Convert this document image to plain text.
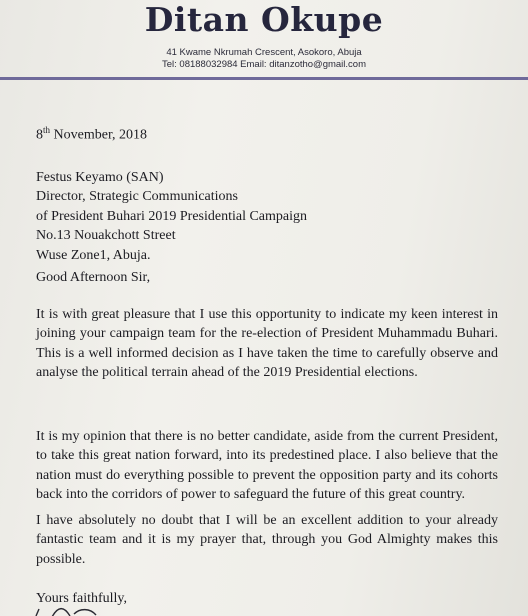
Ditan Okupe
41 Kwame Nkrumah Crescent, Asokoro, Abuja
Tel: 08188032984 Email: ditanzotho@gmail.com
8th November, 2018
Festus Keyamo (SAN)
Director, Strategic Communications
of President Buhari 2019 Presidential Campaign
No.13 Nouakchott Street
Wuse Zone1, Abuja.
Good Afternoon Sir,
It is with great pleasure that I use this opportunity to indicate my keen interest in joining your campaign team for the re-election of President Muhammadu Buhari. This is a well informed decision as I have taken the time to carefully observe and analyse the political terrain ahead of the 2019 Presidential elections.
It is my opinion that there is no better candidate, aside from the current President, to take this great nation forward, into its predestined place. I also believe that the nation must do everything possible to prevent the opposition party and its cohorts back into the corridors of power to safeguard the future of this great country.
I have absolutely no doubt that I will be an excellent addition to your already fantastic team and it is my prayer that, through you God Almighty makes this possible.
Yours faithfully,
